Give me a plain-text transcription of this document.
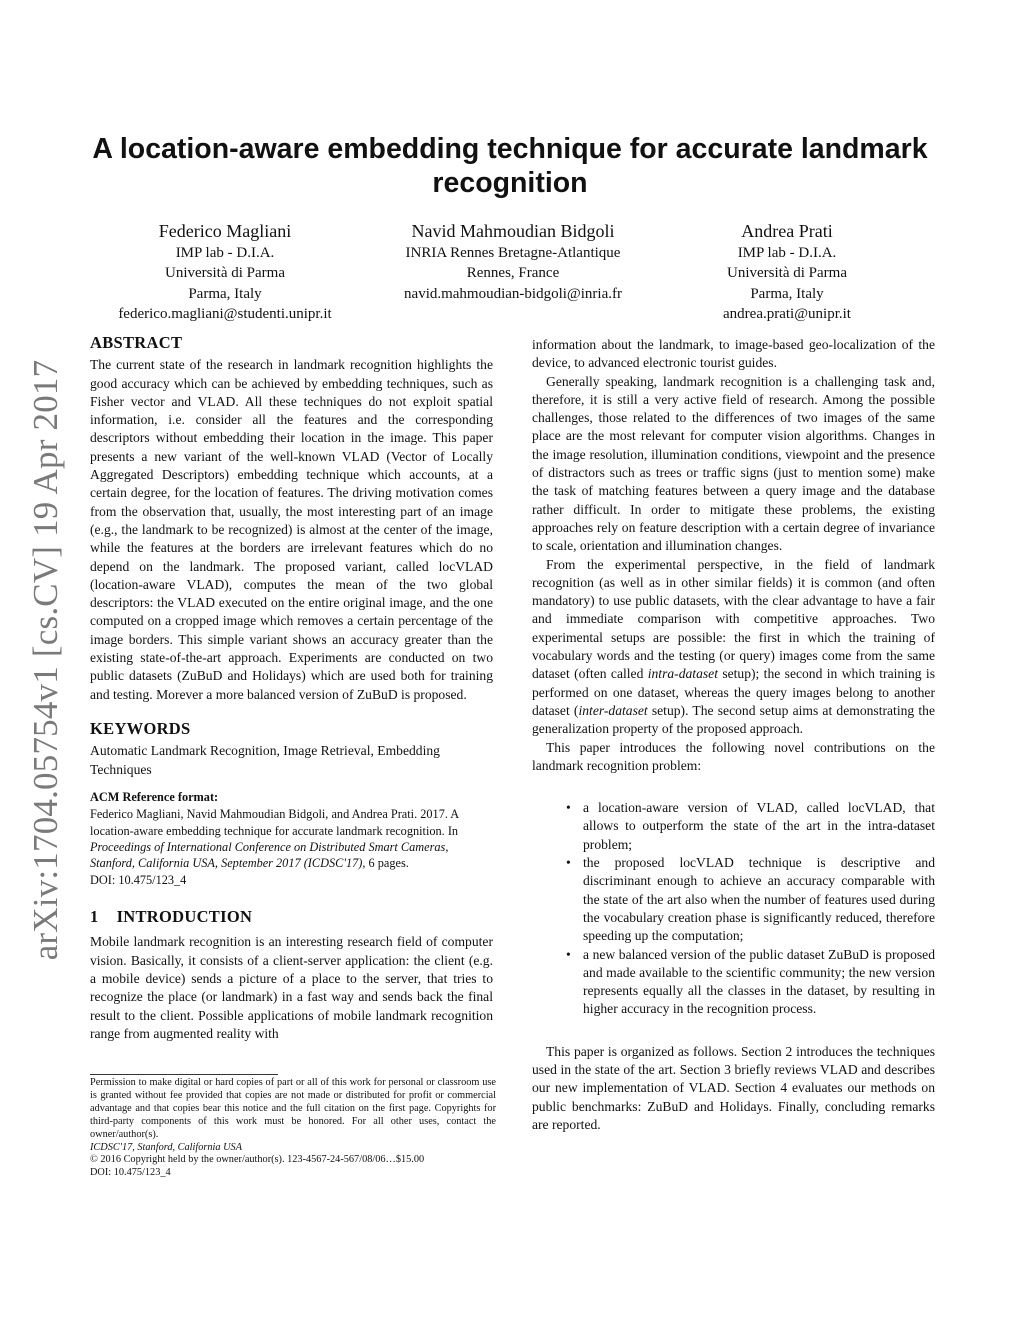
arXiv:1704.05754v1 [cs.CV] 19 Apr 2017
A location-aware embedding technique for accurate landmark recognition
Federico Magliani
IMP lab - D.I.A.
Università di Parma
Parma, Italy
federico.magliani@studenti.unipr.it
Navid Mahmoudian Bidgoli
INRIA Rennes Bretagne-Atlantique
Rennes, France
navid.mahmoudian-bidgoli@inria.fr
Andrea Prati
IMP lab - D.I.A.
Università di Parma
Parma, Italy
andrea.prati@unipr.it
ABSTRACT

The current state of the research in landmark recognition highlights the good accuracy which can be achieved by embedding techniques, such as Fisher vector and VLAD. All these techniques do not exploit spatial information, i.e. consider all the features and the corresponding descriptors without embedding their location in the image. This paper presents a new variant of the well-known VLAD (Vector of Locally Aggregated Descriptors) embedding technique which accounts, at a certain degree, for the location of features. The driving motivation comes from the observation that, usually, the most interesting part of an image (e.g., the landmark to be recognized) is almost at the center of the image, while the features at the borders are irrelevant features which do no depend on the landmark. The proposed variant, called locVLAD (location-aware VLAD), computes the mean of the two global descriptors: the VLAD executed on the entire original image, and the one computed on a cropped image which removes a certain percentage of the image borders. This simple variant shows an accuracy greater than the existing state-of-the-art approach. Experiments are conducted on two public datasets (ZuBuD and Holidays) which are used both for training and testing. Morever a more balanced version of ZuBuD is proposed.

KEYWORDS

Automatic Landmark Recognition, Image Retrieval, Embedding Techniques

ACM Reference format:
Federico Magliani, Navid Mahmoudian Bidgoli, and Andrea Prati. 2017. A location-aware embedding technique for accurate landmark recognition. In Proceedings of International Conference on Distributed Smart Cameras, Stanford, California USA, September 2017 (ICDSC'17), 6 pages.
DOI: 10.475/123_4
1 INTRODUCTION

Mobile landmark recognition is an interesting research field of computer vision. Basically, it consists of a client-server application: the client (e.g. a mobile device) sends a picture of a place to the server, that tries to recognize the place (or landmark) in a fast way and sends back the final result to the client. Possible applications of mobile landmark recognition range from augmented reality with

Permission to make digital or hard copies of part or all of this work for personal or classroom use is granted without fee provided that copies are not made or distributed for profit or commercial advantage and that copies bear this notice and the full citation on the first page. Copyrights for third-party components of this work must be honored. For all other uses, contact the owner/author(s).

ICDSC'17, Stanford, California USA

© 2016 Copyright held by the owner/author(s). 123-4567-24-567/08/06…$15.00

DOI: 10.475/123_4

information about the landmark, to image-based geo-localization of the device, to advanced electronic tourist guides.

Generally speaking, landmark recognition is a challenging task and, therefore, it is still a very active field of research. Among the possible challenges, those related to the differences of two images of the same place are the most relevant for computer vision algorithms. Changes in the image resolution, illumination conditions, viewpoint and the presence of distractors such as trees or traffic signs (just to mention some) make the task of matching features between a query image and the database rather difficult. In order to mitigate these problems, the existing approaches rely on feature description with a certain degree of invariance to scale, orientation and illumination changes.

From the experimental perspective, in the field of landmark recognition (as well as in other similar fields) it is common (and often mandatory) to use public datasets, with the clear advantage to have a fair and immediate comparison with competitive approaches. Two experimental setups are possible: the first in which the training of vocabulary words and the testing (or query) images come from the same dataset (often called intra-dataset setup); the second in which training is performed on one dataset, whereas the query images belong to another dataset (inter-dataset setup). The second setup aims at demonstrating the generalization property of the proposed approach.

This paper introduces the following novel contributions on the landmark recognition problem:

• a location-aware version of VLAD, called locVLAD, that allows to outperform the state of the art in the intra-dataset problem;
• the proposed locVLAD technique is descriptive and discriminant enough to achieve an accuracy comparable with the state of the art also when the number of features used during the vocabulary creation phase is significantly reduced, therefore speeding up the computation;
• a new balanced version of the public dataset ZuBuD is proposed and made available to the scientific community; the new version represents equally all the classes in the dataset, by resulting in higher accuracy in the recognition process.

This paper is organized as follows. Section 2 introduces the techniques used in the state of the art. Section 3 briefly reviews VLAD and describes our new implementation of VLAD. Section 4 evaluates our methods on public benchmarks: ZuBuD and Holidays. Finally, concluding remarks are reported.
